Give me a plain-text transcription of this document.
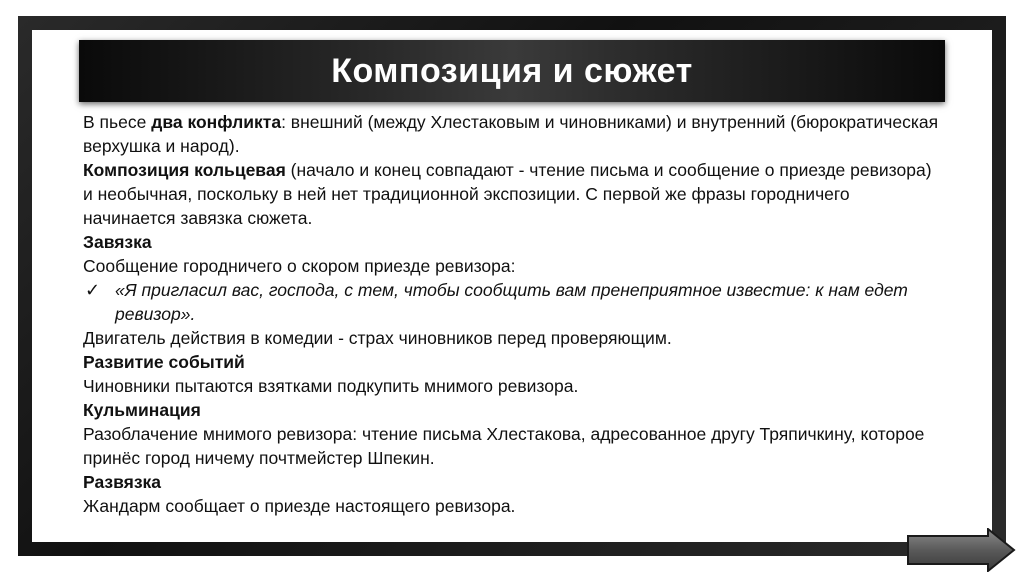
Композиция и сюжет

В пьесе два конфликта: внешний (между Хлестаковым и чиновниками) и внутренний (бюрократическая верхушка и народ).

Композиция кольцевая (начало и конец совпадают - чтение письма и сообщение о приезде ревизора) и необычная, поскольку в ней нет традиционной экспозиции. С первой же фразы городничего начинается завязка сюжета.

Завязка

Сообщение городничего о скором приезде ревизора:

✓ «Я пригласил вас, господа, с тем, чтобы сообщить вам пренеприятное известие: к нам едет ревизор».

Двигатель действия в комедии - страх чиновников перед проверяющим.

Развитие событий

Чиновники пытаются взятками подкупить мнимого ревизора.

Кульминация

Разоблачение мнимого ревизора: чтение письма Хлестакова, адресованное другу Тряпичкину, которое принёс город ничему почтмейстер Шпекин.

Развязка

Жандарм сообщает о приезде настоящего ревизора.
